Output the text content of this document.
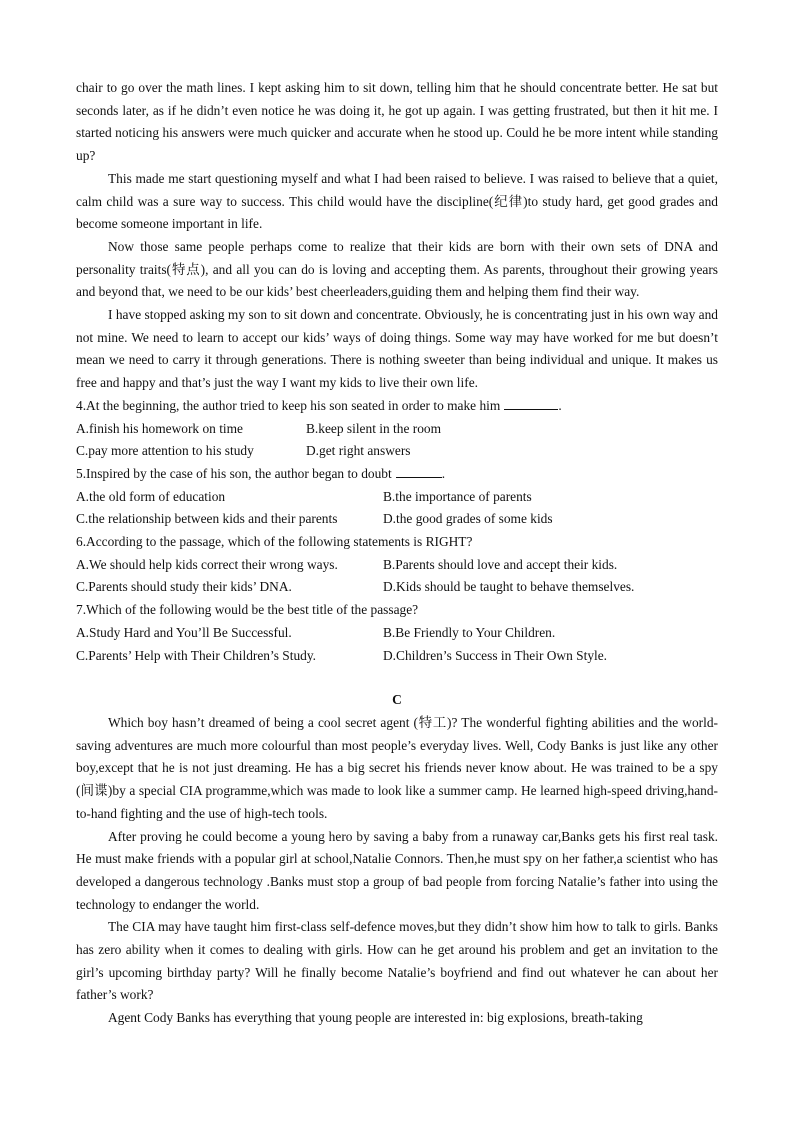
chair to go over the math lines. I kept asking him to sit down, telling him that he should concentrate better. He sat but seconds later, as if he didn’t even notice he was doing it, he got up again. I was getting frustrated, but then it hit me. I started noticing his answers were much quicker and accurate when he stood up. Could he be more intent while standing up?

This made me start questioning myself and what I had been raised to believe. I was raised to believe that a quiet, calm child was a sure way to success. This child would have the discipline(纪律)to study hard, get good grades and become someone important in life.

Now those same people perhaps come to realize that their kids are born with their own sets of DNA and personality traits(特点), and all you can do is loving and accepting them. As parents, throughout their growing years and beyond that, we need to be our kids’ best cheerleaders,guiding them and helping them find their way.

I have stopped asking my son to sit down and concentrate. Obviously, he is concentrating just in his own way and not mine. We need to learn to accept our kids’ ways of doing things. Some way may have worked for me but doesn’t mean we need to carry it through generations. There is nothing sweeter than being individual and unique. It makes us free and happy and that’s just the way I want my kids to live their own life.

4.At the beginning, the author tried to keep his son seated in order to make him	.
A.finish his homework on time	B.keep silent in the room
C.pay more attention to his study	D.get right answers
5.Inspired by the case of his son, the author began to doubt	.
A.the old form of education	B.the importance of parents
C.the relationship between kids and their parents	D.the good grades of some kids
6.According to the passage, which of the following statements is RIGHT?
A.We should help kids correct their wrong ways.	B.Parents should love and accept their kids.
C.Parents should study their kids’ DNA.	D.Kids should be taught to behave themselves.
7.Which of the following would be the best title of the passage?
A.Study Hard and You’ll Be Successful.	B.Be Friendly to Your Children.
C.Parents’ Help with Their Children’s Study.	D.Children’s Success in Their Own Style.
C

Which boy hasn’t dreamed of being a cool secret agent (特工)? The wonderful fighting abilities and the world-saving adventures are much more colourful than most people’s everyday lives. Well, Cody Banks is just like any other boy,except that he is not just dreaming. He has a big secret his friends never know about. He was trained to be a spy (间谍)by a special CIA programme,which was made to look like a summer camp. He learned high-speed driving,hand-to-hand fighting and the use of high-tech tools.

After proving he could become a young hero by saving a baby from a runaway car,Banks gets his first real task. He must make friends with a popular girl at school,Natalie Connors. Then,he must spy on her father,a scientist who has developed a dangerous technology .Banks must stop a group of bad people from forcing Natalie’s father into using the technology to endanger the world.

The CIA may have taught him first-class self-defence moves,but they didn’t show him how to talk to girls. Banks has zero ability when it comes to dealing with girls. How can he get around his problem and get an invitation to the girl’s upcoming birthday party? Will he finally become Natalie’s boyfriend and find out whatever he can about her father’s work?

Agent Cody Banks has everything that young people are interested in: big explosions, breath-taking
